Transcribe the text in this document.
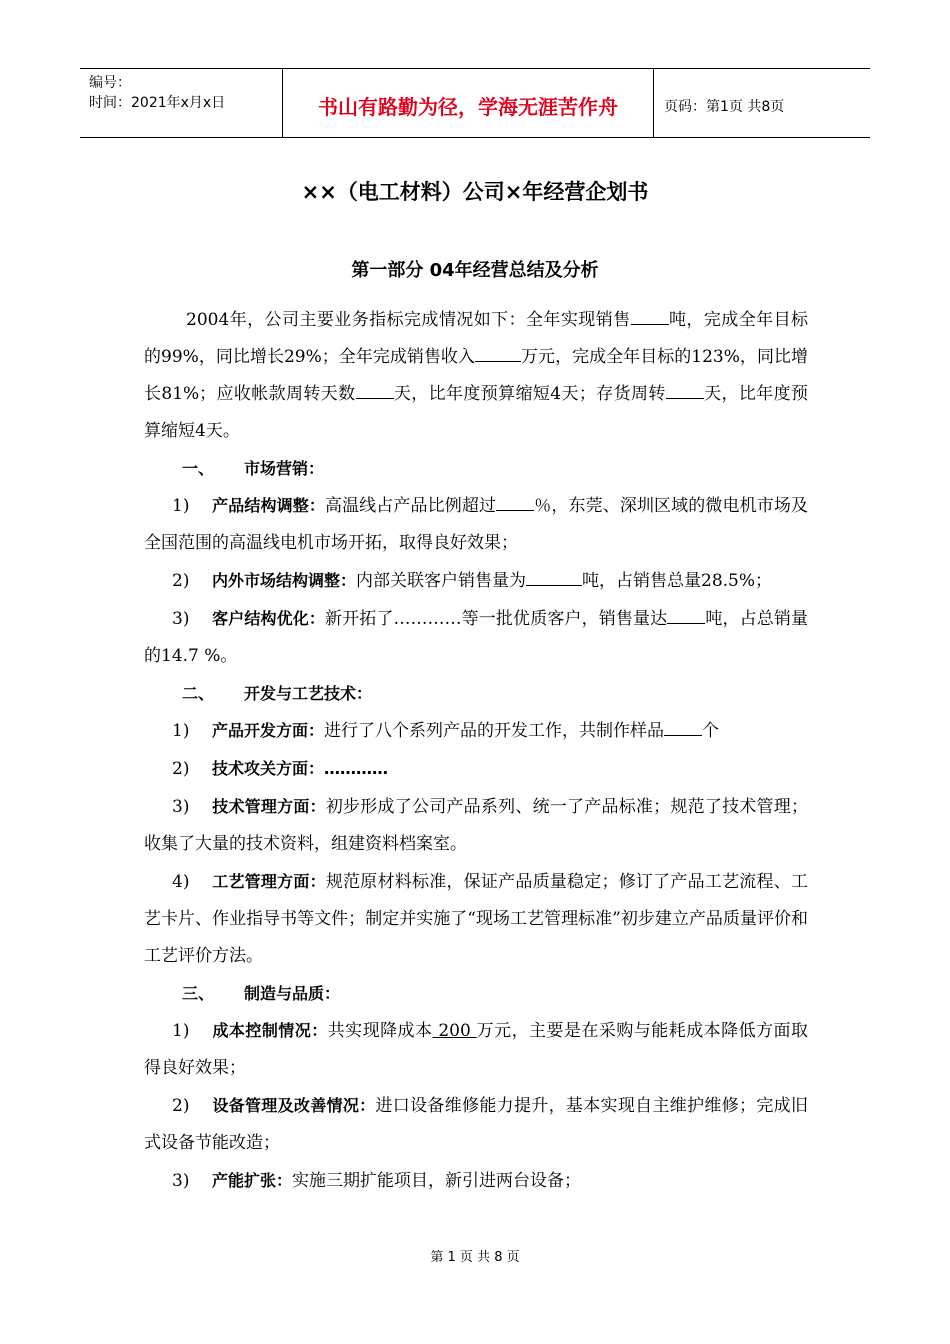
编号：
时间：2021年x月x日	书山有路勤为径，学海无涯苦作舟	页码：第1页 共8页
××（电工材料）公司×年经营企划书
第一部分 04年经营总结及分析

2004年，公司主要业务指标完成情况如下：全年实现销售 吨，完成全年目标的99%，同比增长29%；全年完成销售收入	万元，完成全年目标的123%，同比增长81%；应收帐款周转天数 天，比年度预算缩短4天；存货周转 天，比年度预算缩短4天。

一、 市场营销：

1) 产品结构调整：高温线占产品比例超过 ％，东莞、深圳区域的微电机市场及全国范围的高温线电机市场开拓，取得良好效果；

2) 内外市场结构调整：内部关联客户销售量为	吨，占销售总量28.5%；

3) 客户结构优化：新开拓了…………等一批优质客户，销售量达 吨，占总销量的14.7 %。

二、 开发与工艺技术：

1) 产品开发方面：进行了八个系列产品的开发工作，共制作样品 个

2) 技术攻关方面：…………

3) 技术管理方面：初步形成了公司产品系列、统一了产品标准；规范了技术管理；收集了大量的技术资料，组建资料档案室。

4) 工艺管理方面：规范原材料标准，保证产品质量稳定；修订了产品工艺流程、工艺卡片、作业指导书等文件；制定并实施了“现场工艺管理标准”初步建立产品质量评价和工艺评价方法。

三、 制造与品质：

1) 成本控制情况：共实现降成本 200 万元，主要是在采购与能耗成本降低方面取得良好效果；

2) 设备管理及改善情况：进口设备维修能力提升，基本实现自主维护维修；完成旧式设备节能改造；

3) 产能扩张：实施三期扩能项目，新引进两台设备；

第 1 页 共 8 页
